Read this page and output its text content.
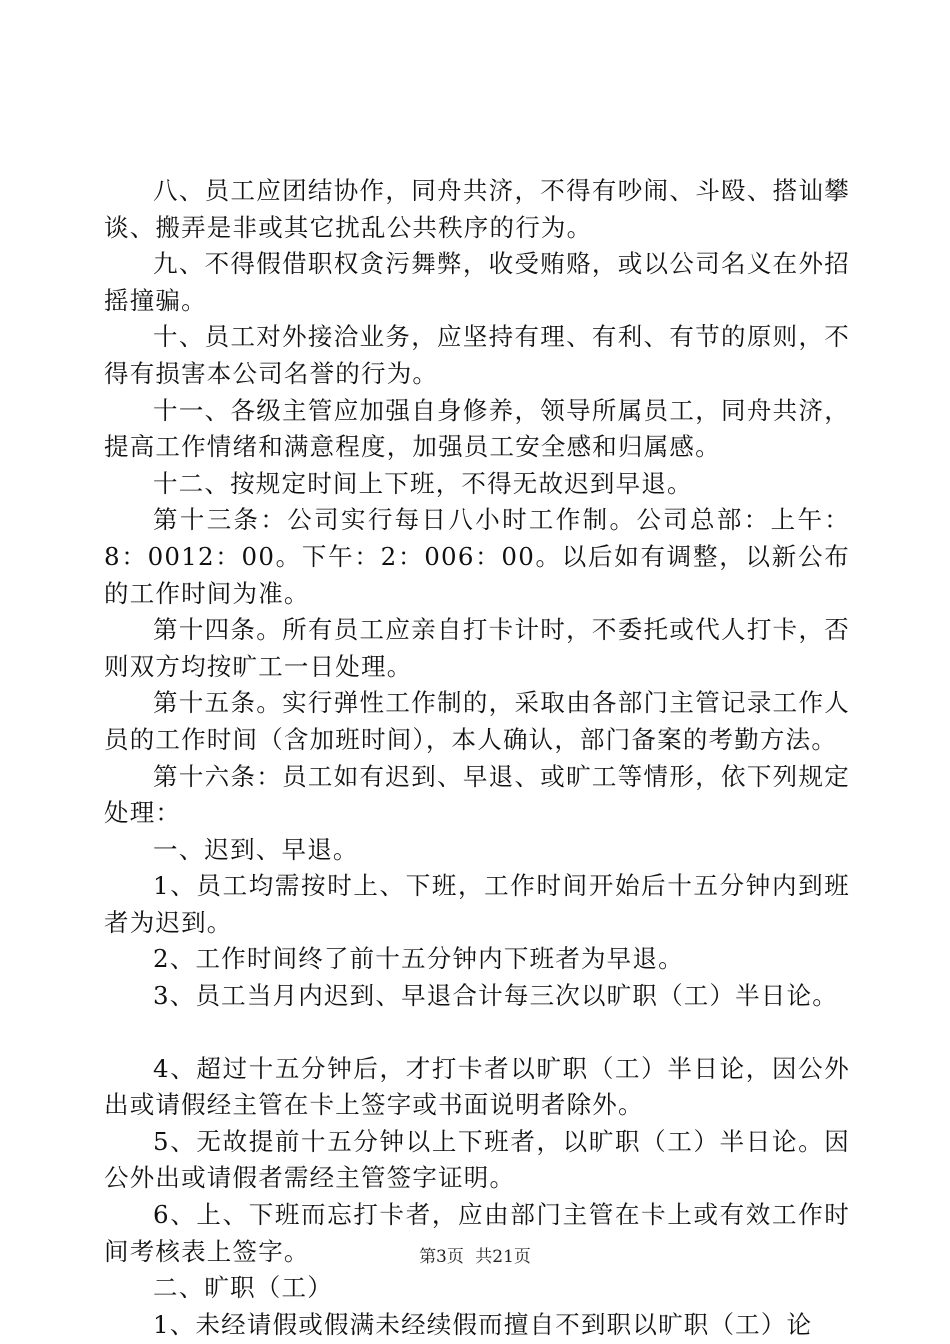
八、员工应团结协作，同舟共济，不得有吵闹、斗殴、搭讪攀谈、搬弄是非或其它扰乱公共秩序的行为。

九、不得假借职权贪污舞弊，收受贿赂，或以公司名义在外招摇撞骗。

十、员工对外接洽业务，应坚持有理、有利、有节的原则，不得有损害本公司名誉的行为。

十一、各级主管应加强自身修养，领导所属员工，同舟共济，提高工作情绪和满意程度，加强员工安全感和归属感。

十二、按规定时间上下班，不得无故迟到早退。

第十三条：公司实行每日八小时工作制。公司总部：上午：8：0012：00。下午：2：006：00。以后如有调整，以新公布的工作时间为准。

第十四条。所有员工应亲自打卡计时，不委托或代人打卡，否则双方均按旷工一日处理。

第十五条。实行弹性工作制的，采取由各部门主管记录工作人员的工作时间（含加班时间），本人确认，部门备案的考勤方法。

第十六条：员工如有迟到、早退、或旷工等情形，依下列规定处理：

一、迟到、早退。

1、员工均需按时上、下班，工作时间开始后十五分钟内到班者为迟到。

2、工作时间终了前十五分钟内下班者为早退。

3、员工当月内迟到、早退合计每三次以旷职（工）半日论。

4、超过十五分钟后，才打卡者以旷职（工）半日论，因公外出或请假经主管在卡上签字或书面说明者除外。

5、无故提前十五分钟以上下班者，以旷职（工）半日论。因公外出或请假者需经主管签字证明。

6、上、下班而忘打卡者，应由部门主管在卡上或有效工作时间考核表上签字。

二、旷职（工）

1、未经请假或假满未经续假而擅自不到职以旷职（工）论

第3页 共21页
